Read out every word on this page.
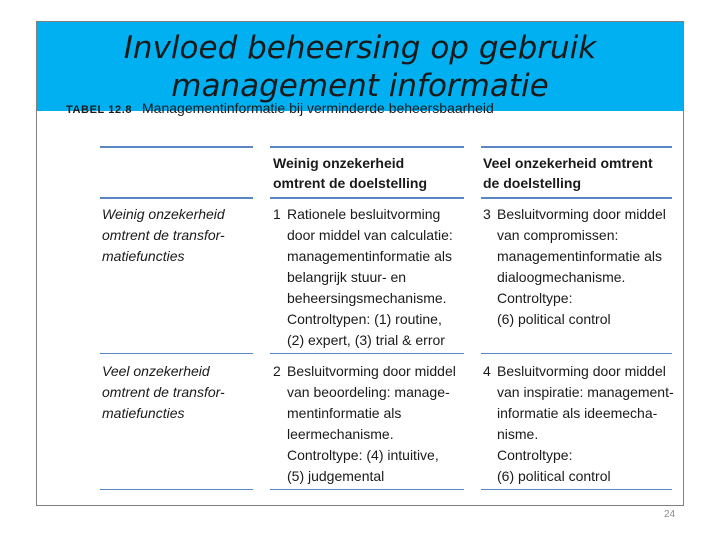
Invloed beheersing op gebruik
management informatie
TABEL 12.8 Managementinformatie bij verminderde beheersbaarheid
Weinig onzekerheid
omtrent de doelstelling
Veel onzekerheid omtrent
de doelstelling
Weinig onzekerheid
omtrent de transfor-
matiefuncties
Veel onzekerheid
omtrent de transfor-
matiefuncties
1 Rationele besluitvorming
door middel van calculatie:
managementinformatie als
belangrijk stuur- en
beheersingsmechanisme.
Controltypen: (1) routine,
(2) expert, (3) trial & error
3 Besluitvorming door middel
van compromissen:
managementinformatie als
dialoogmechanisme.
Controltype:
(6) political control
2 Besluitvorming door middel
van beoordeling: manage-
mentinformatie als
leermechanisme.
Controltype: (4) intuitive,
(5) judgemental
4 Besluitvorming door middel
van inspiratie: management-
informatie als ideemecha-
nisme.
Controltype:
(6) political control
24
